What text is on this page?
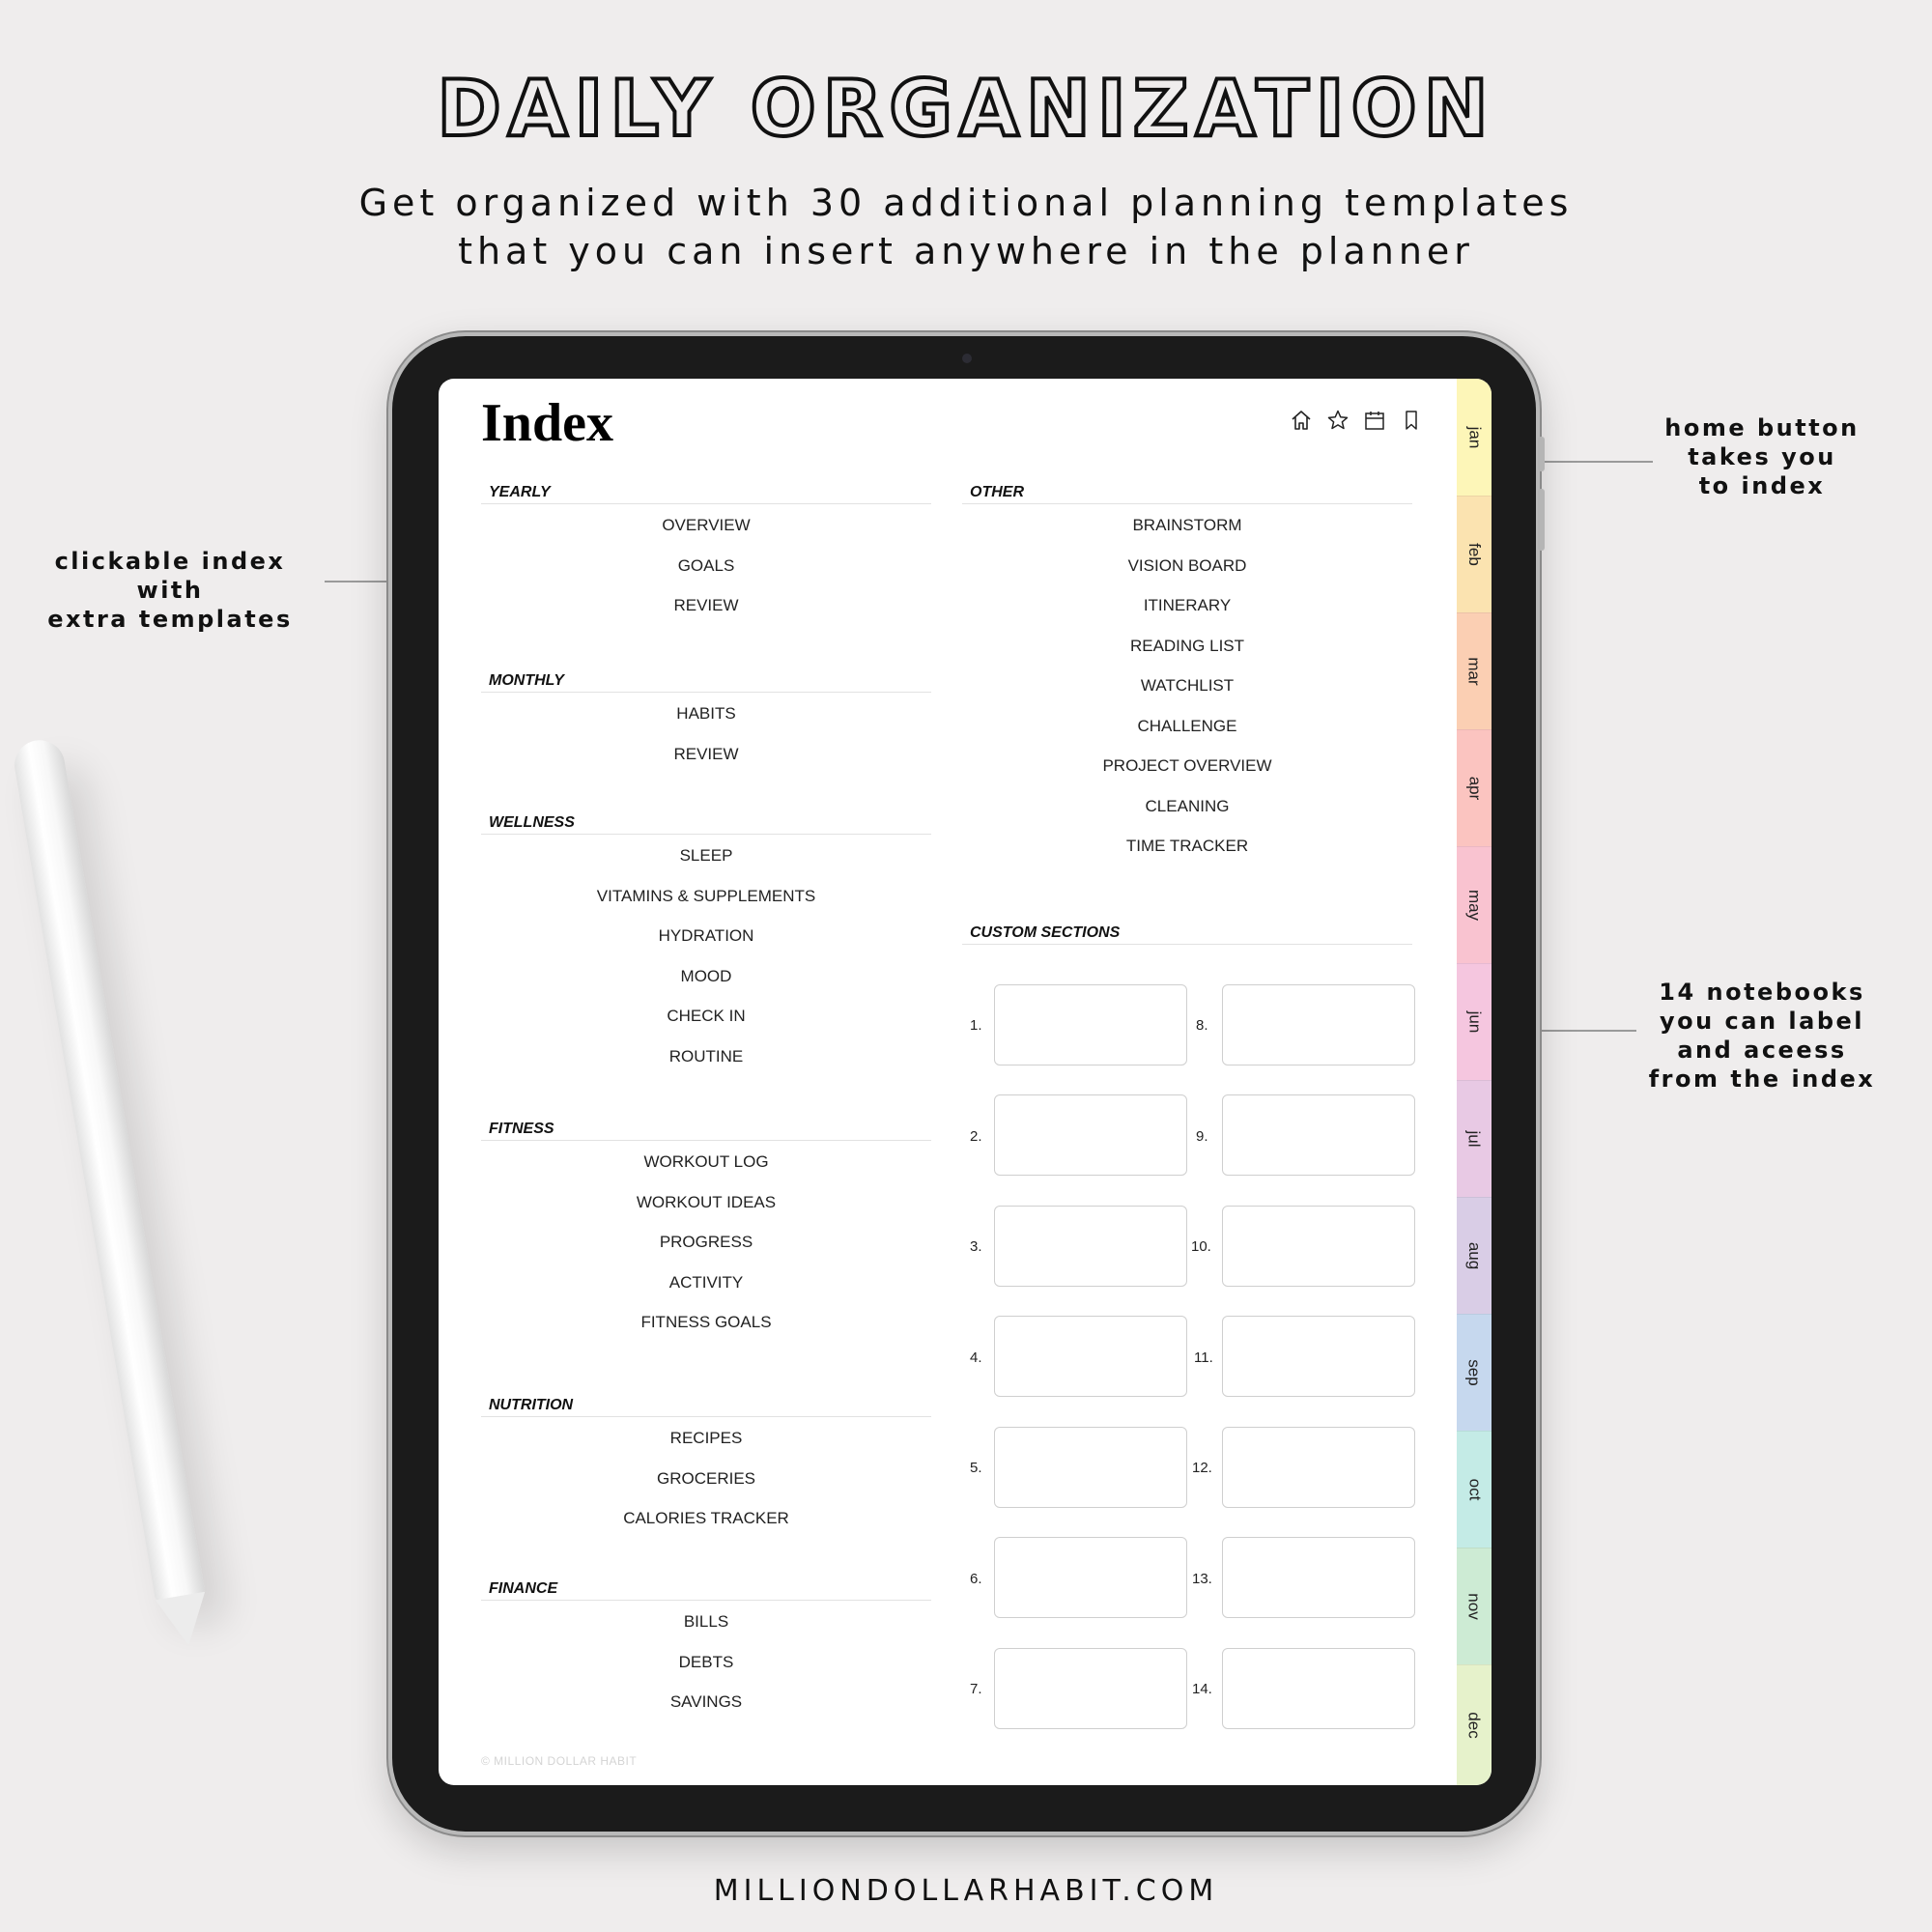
DAILY ORGANIZATION
Get organized with 30 additional planning templates
that you can insert anywhere in the planner
clickable index with
extra templates
home button
takes you
to index
14 notebooks
you can label
and aceess
from the index
Index
YEARLY
OVERVIEW
GOALS
REVIEW
MONTHLY
HABITS
REVIEW
WELLNESS
SLEEP
VITAMINS & SUPPLEMENTS
HYDRATION
MOOD
CHECK IN
ROUTINE
FITNESS
WORKOUT LOG
WORKOUT IDEAS
PROGRESS
ACTIVITY
FITNESS GOALS
NUTRITION
RECIPES
GROCERIES
CALORIES TRACKER
FINANCE
BILLS
DEBTS
SAVINGS
OTHER
BRAINSTORM
VISION BOARD
ITINERARY
READING LIST
WATCHLIST
CHALLENGE
PROJECT OVERVIEW
CLEANING
TIME TRACKER
CUSTOM SECTIONS
1.	8.
2.	9.
3.	10.
4.	11.
5.	12.
6.	13.
7.	14.
© MILLION DOLLAR HABIT
jan
feb
mar
apr
may
jun
jul
aug
sep
oct
nov
dec
MILLIONDOLLARHABIT.COM
